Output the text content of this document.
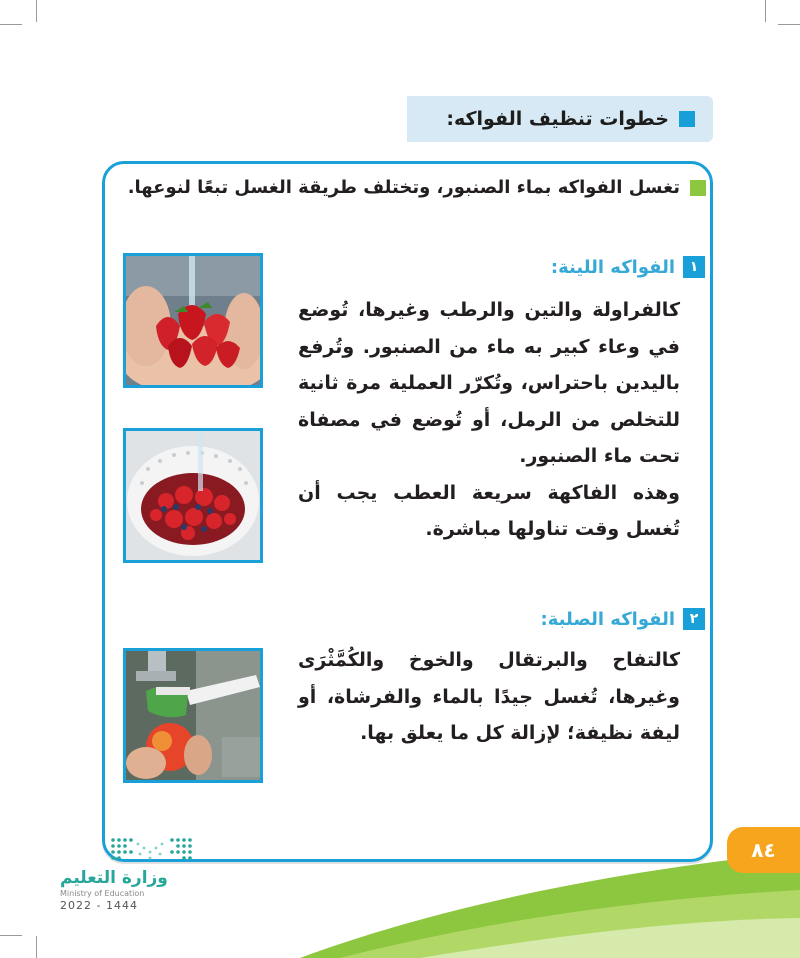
خطوات تنظيف الفواكه:
تغسل الفواكه بماء الصنبور، وتختلف طريقة الغسل تبعًا لنوعها.
١
الفواكه اللينة:

كالفراولة والتين والرطب وغيرها، تُوضع في وعاء كبير به ماء من الصنبور. وتُرفع باليدين باحتراس، وتُكرّر العملية مرة ثانية للتخلص من الرمل، أو تُوضع في مصفاة تحت ماء الصنبور.

وهذه الفاكهة سريعة العطب يجب أن تُغسل وقت تناولها مباشرة.

٢
الفواكه الصلبة:

كالتفاح والبرتقال والخوخ والكُمَّثْرَى وغيرها، تُغسل جيدًا بالماء والفرشاة، أو ليفة نظيفة؛ لإزالة كل ما يعلق بها.

وزارة التعليم
Ministry of Education
2022 - 1444
٨٤
